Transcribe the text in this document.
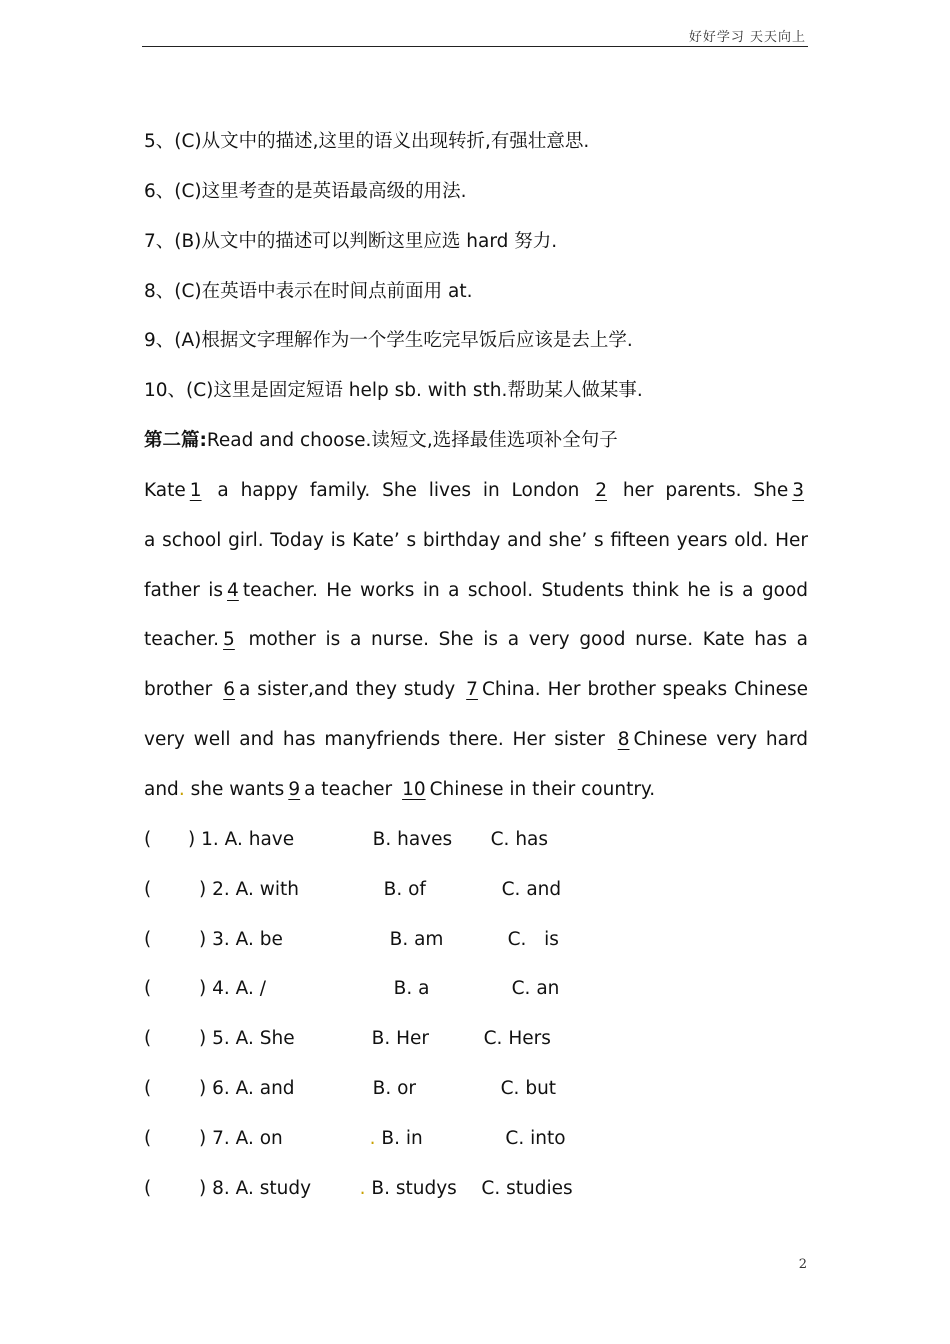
好好学习 天天向上
5、(C)从文中的描述,这里的语义出现转折,有强壮意思.
6、(C)这里考查的是英语最高级的用法.
7、(B)从文中的描述可以判断这里应选 hard 努力.
8、(C)在英语中表示在时间点前面用 at.
9、(A)根据文字理解作为一个学生吃完早饭后应该是去上学.
10、(C)这里是固定短语 help sb. with sth.帮助某人做某事.
第二篇:Read and choose.读短文,选择最佳选项补全句子
Kate 1 a happy family. She lives in London 2 her parents. She 3
a school girl. Today is Kate’ s birthday and she’ s fifteen years old. Her
father is 4 teacher. He works in a school. Students think he is a good
teacher. 5 mother is a nurse. She is a very good nurse. Kate has a
brother 6 a sister,and they study 7 China. Her brother speaks Chinese
very well and has manyfriends there. Her sister 8 Chinese very hard
and. she wants 9 a teacher 10 Chinese in their country.
( ) 1. A. have	B. haves C. has
(	) 2. A. with	B. of	C. and
(	) 3. A. be	B. am	C.   is
(	) 4. A. /	B. a	C. an
(	) 5. A. She	B. Her	C. Hers
(	) 6. A. and	B. or	C. but
(	) 7. A. on	. B. in	C. into
(	) 8. A. study	. B. studys C. studies
2
